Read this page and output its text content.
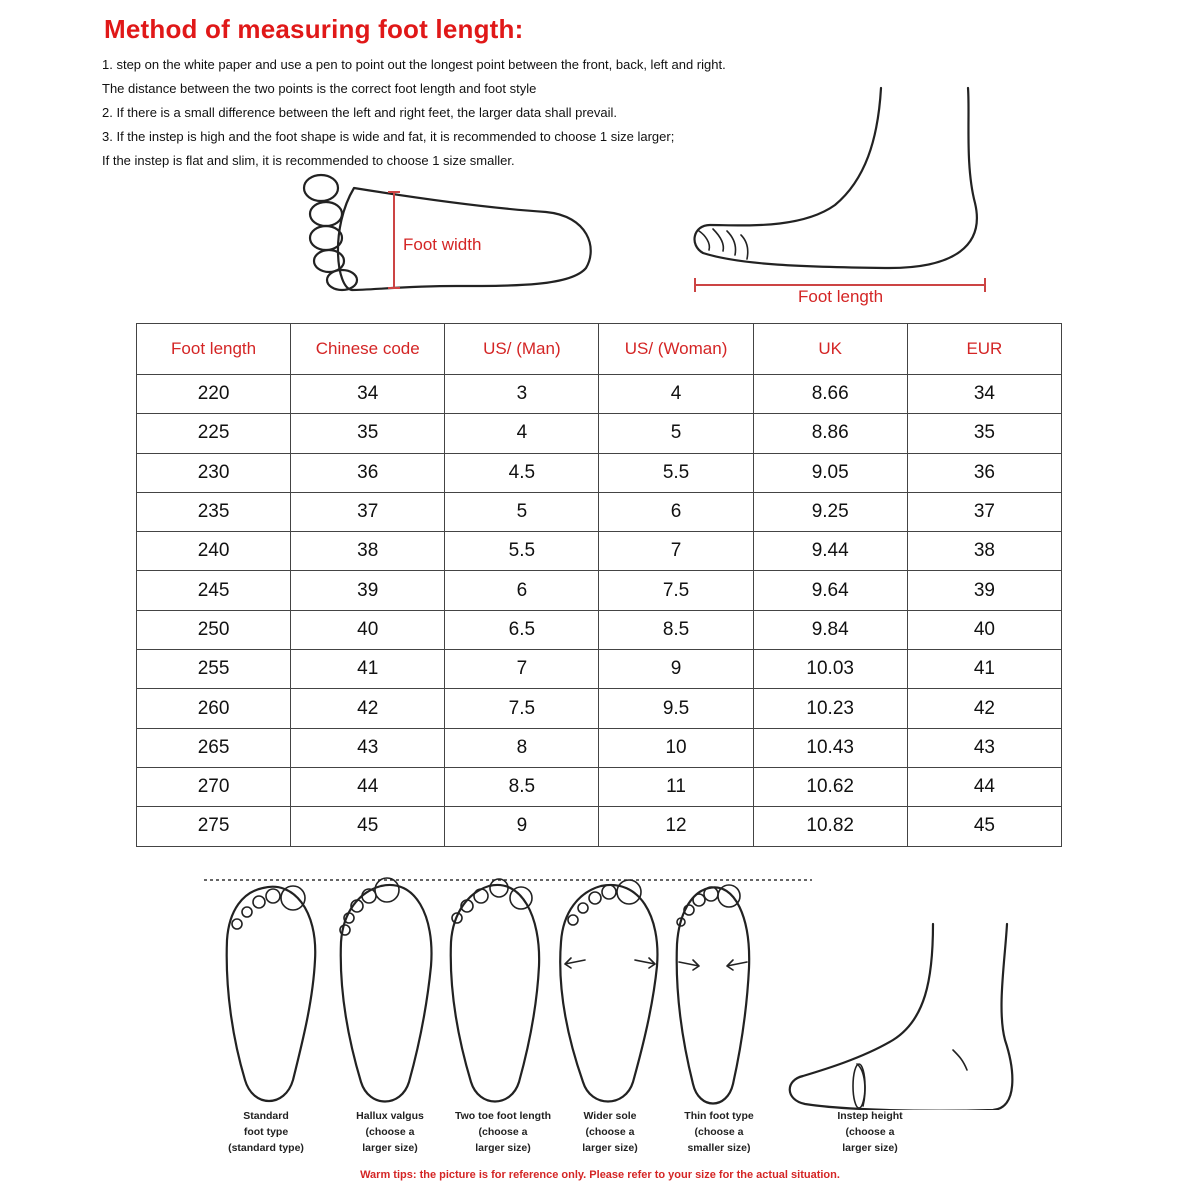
Method of measuring foot length:
1. step on the white paper and use a pen to point out the longest point between the front, back, left and right.
The distance between the two points is the correct foot length and foot style
2. If there is a small difference between the left and right feet, the larger data shall prevail.
3. If the instep is high and the foot shape is wide and fat, it is recommended to choose 1 size larger;
If the instep is flat and slim, it is recommended to choose 1 size smaller.
Foot width
Foot length
Foot length	Chinese code	US/ (Man)	US/ (Woman)	UK	EUR
220	34	3	4	8.66	34
225	35	4	5	8.86	35
230	36	4.5	5.5	9.05	36
235	37	5	6	9.25	37
240	38	5.5	7	9.44	38
245	39	6	7.5	9.64	39
250	40	6.5	8.5	9.84	40
255	41	7	9	10.03	41
260	42	7.5	9.5	10.23	42
265	43	8	10	10.43	43
270	44	8.5	11	10.62	44
275	45	9	12	10.82	45
Standard
foot type
(standard type)
Hallux valgus
(choose a
larger size)
Two toe foot length
(choose a
larger size)
Wider sole
(choose a
larger size)
Thin foot type
(choose a
smaller size)
Instep height
(choose a
larger size)
Warm tips: the picture is for reference only. Please refer to your size for the actual situation.
